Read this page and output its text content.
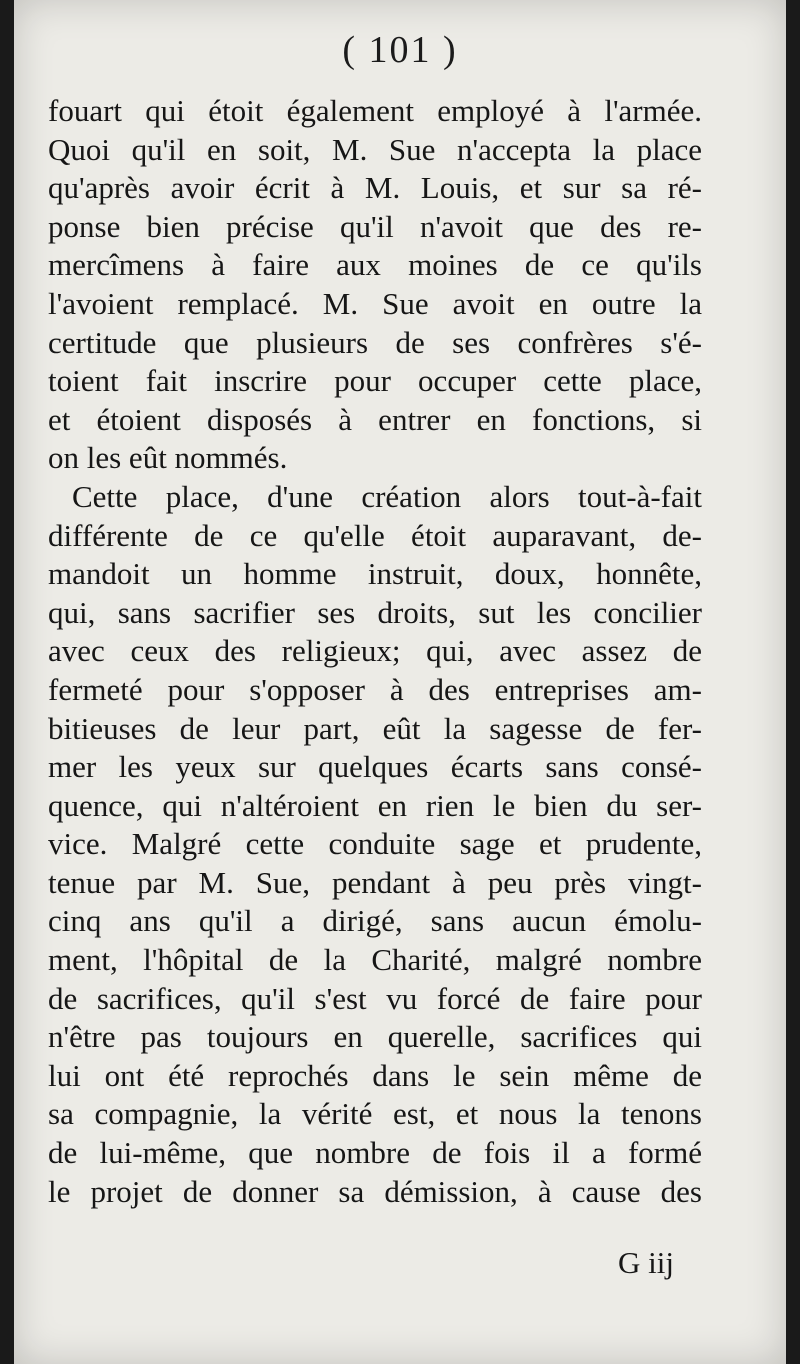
( 101 )
fouart qui étoit également employé à l'armée.
Quoi qu'il en soit, M. Sue n'accepta la place
qu'après avoir écrit à M. Louis, et sur sa ré-
ponse bien précise qu'il n'avoit que des re-
mercîmens à faire aux moines de ce qu'ils
l'avoient remplacé. M. Sue avoit en outre la
certitude que plusieurs de ses confrères s'é-
toient fait inscrire pour occuper cette place,
et étoient disposés à entrer en fonctions, si
on les eût nommés.
Cette place, d'une création alors tout-à-fait
différente de ce qu'elle étoit auparavant, de-
mandoit un homme instruit, doux, honnête,
qui, sans sacrifier ses droits, sut les concilier
avec ceux des religieux; qui, avec assez de
fermeté pour s'opposer à des entreprises am-
bitieuses de leur part, eût la sagesse de fer-
mer les yeux sur quelques écarts sans consé-
quence, qui n'altéroient en rien le bien du ser-
vice. Malgré cette conduite sage et prudente,
tenue par M. Sue, pendant à peu près vingt-
cinq ans qu'il a dirigé, sans aucun émolu-
ment, l'hôpital de la Charité, malgré nombre
de sacrifices, qu'il s'est vu forcé de faire pour
n'être pas toujours en querelle, sacrifices qui
lui ont été reprochés dans le sein même de
sa compagnie, la vérité est, et nous la tenons
de lui-même, que nombre de fois il a formé
le projet de donner sa démission, à cause des
G iij
